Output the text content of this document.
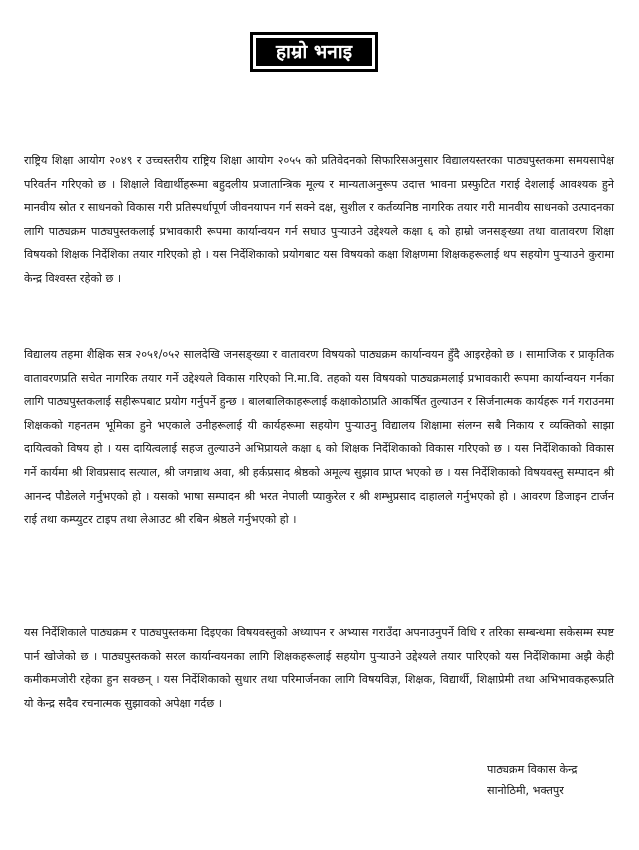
हाम्रो भनाइ

राष्ट्रिय शिक्षा आयोग २०४९ र उच्चस्तरीय राष्ट्रिय शिक्षा आयोग २०५५ को प्रतिवेदनको सिफारिसअनुसार विद्यालयस्तरका पाठ्यपुस्तकमा समयसापेक्ष परिवर्तन गरिएको छ । शिक्षाले विद्यार्थीहरूमा बहुदलीय प्रजातान्त्रिक मूल्य र मान्यताअनुरूप उदात्त भावना प्रस्फुटित गराई देशलाई आवश्यक हुने मानवीय स्रोत र साधनको विकास गरी प्रतिस्पर्धापूर्ण जीवनयापन गर्न सक्ने दक्ष, सुशील र कर्तव्यनिष्ठ नागरिक तयार गरी मानवीय साधनको उत्पादनका लागि पाठ्यक्रम पाठ्यपुस्तकलाई प्रभावकारी रूपमा कार्यान्वयन गर्न सघाउ पुऱ्याउने उद्देश्यले कक्षा ६ को हाम्रो जनसङ्ख्या तथा वातावरण शिक्षा विषयको शिक्षक निर्देशिका तयार गरिएको हो । यस निर्देशिकाको प्रयोगबाट यस विषयको कक्षा शिक्षणमा शिक्षकहरूलाई थप सहयोग पुऱ्याउने कुरामा केन्द्र विश्वस्त रहेको छ ।

विद्यालय तहमा शैक्षिक सत्र २०५१/०५२ सालदेखि जनसङ्ख्या र वातावरण विषयको पाठ्यक्रम कार्यान्वयन हुँदै आइरहेको छ । सामाजिक र प्राकृतिक वातावरणप्रति सचेत नागरिक तयार गर्ने उद्देश्यले विकास गरिएको नि.मा.वि. तहको यस विषयको पाठ्यक्रमलाई प्रभावकारी रूपमा कार्यान्वयन गर्नका लागि पाठ्यपुस्तकलाई सहीरूपबाट प्रयोग गर्नुपर्ने हुन्छ । बालबालिकाहरूलाई कक्षाकोठाप्रति आकर्षित तुल्याउन र सिर्जनात्मक कार्यहरू गर्न गराउनमा शिक्षकको गहनतम भूमिका हुने भएकाले उनीहरूलाई यी कार्यहरूमा सहयोग पुऱ्याउनु विद्यालय शिक्षामा संलग्न सबै निकाय र व्यक्तिको साझा दायित्वको विषय हो । यस दायित्वलाई सहज तुल्याउने अभिप्रायले कक्षा ६ को शिक्षक निर्देशिकाको विकास गरिएको छ । यस निर्देशिकाको विकास गर्ने कार्यमा श्री शिवप्रसाद सत्याल, श्री जगन्नाथ अवा, श्री हर्कप्रसाद श्रेष्ठको अमूल्य सुझाव प्राप्त भएको छ । यस निर्देशिकाको विषयवस्तु सम्पादन श्री आनन्द पौडेलले गर्नुभएको हो । यसको भाषा सम्पादन श्री भरत नेपाली प्याकुरेल र श्री शम्भुप्रसाद दाहालले गर्नुभएको हो । आवरण डिजाइन टार्जन राई तथा कम्प्युटर टाइप तथा लेआउट श्री रबिन श्रेष्ठले गर्नुभएको हो ।

यस निर्देशिकाले पाठ्यक्रम र पाठ्यपुस्तकमा दिइएका विषयवस्तुको अध्यापन र अभ्यास गराउँदा अपनाउनुपर्ने विधि र तरिका सम्बन्धमा सकेसम्म स्पष्ट पार्न खोजेको छ । पाठ्यपुस्तकको सरल कार्यान्वयनका लागि शिक्षकहरूलाई सहयोग पुऱ्याउने उद्देश्यले तयार पारिएको यस निर्देशिकामा अझै केही कमीकमजोरी रहेका हुन सक्छन् । यस निर्देशिकाको सुधार तथा परिमार्जनका लागि विषयविज्ञ, शिक्षक, विद्यार्थी, शिक्षाप्रेमी तथा अभिभावकहरूप्रति यो केन्द्र सदैव रचनात्मक सुझावको अपेक्षा गर्दछ ।

पाठ्यक्रम विकास केन्द्र
सानोठिमी, भक्तपुर
